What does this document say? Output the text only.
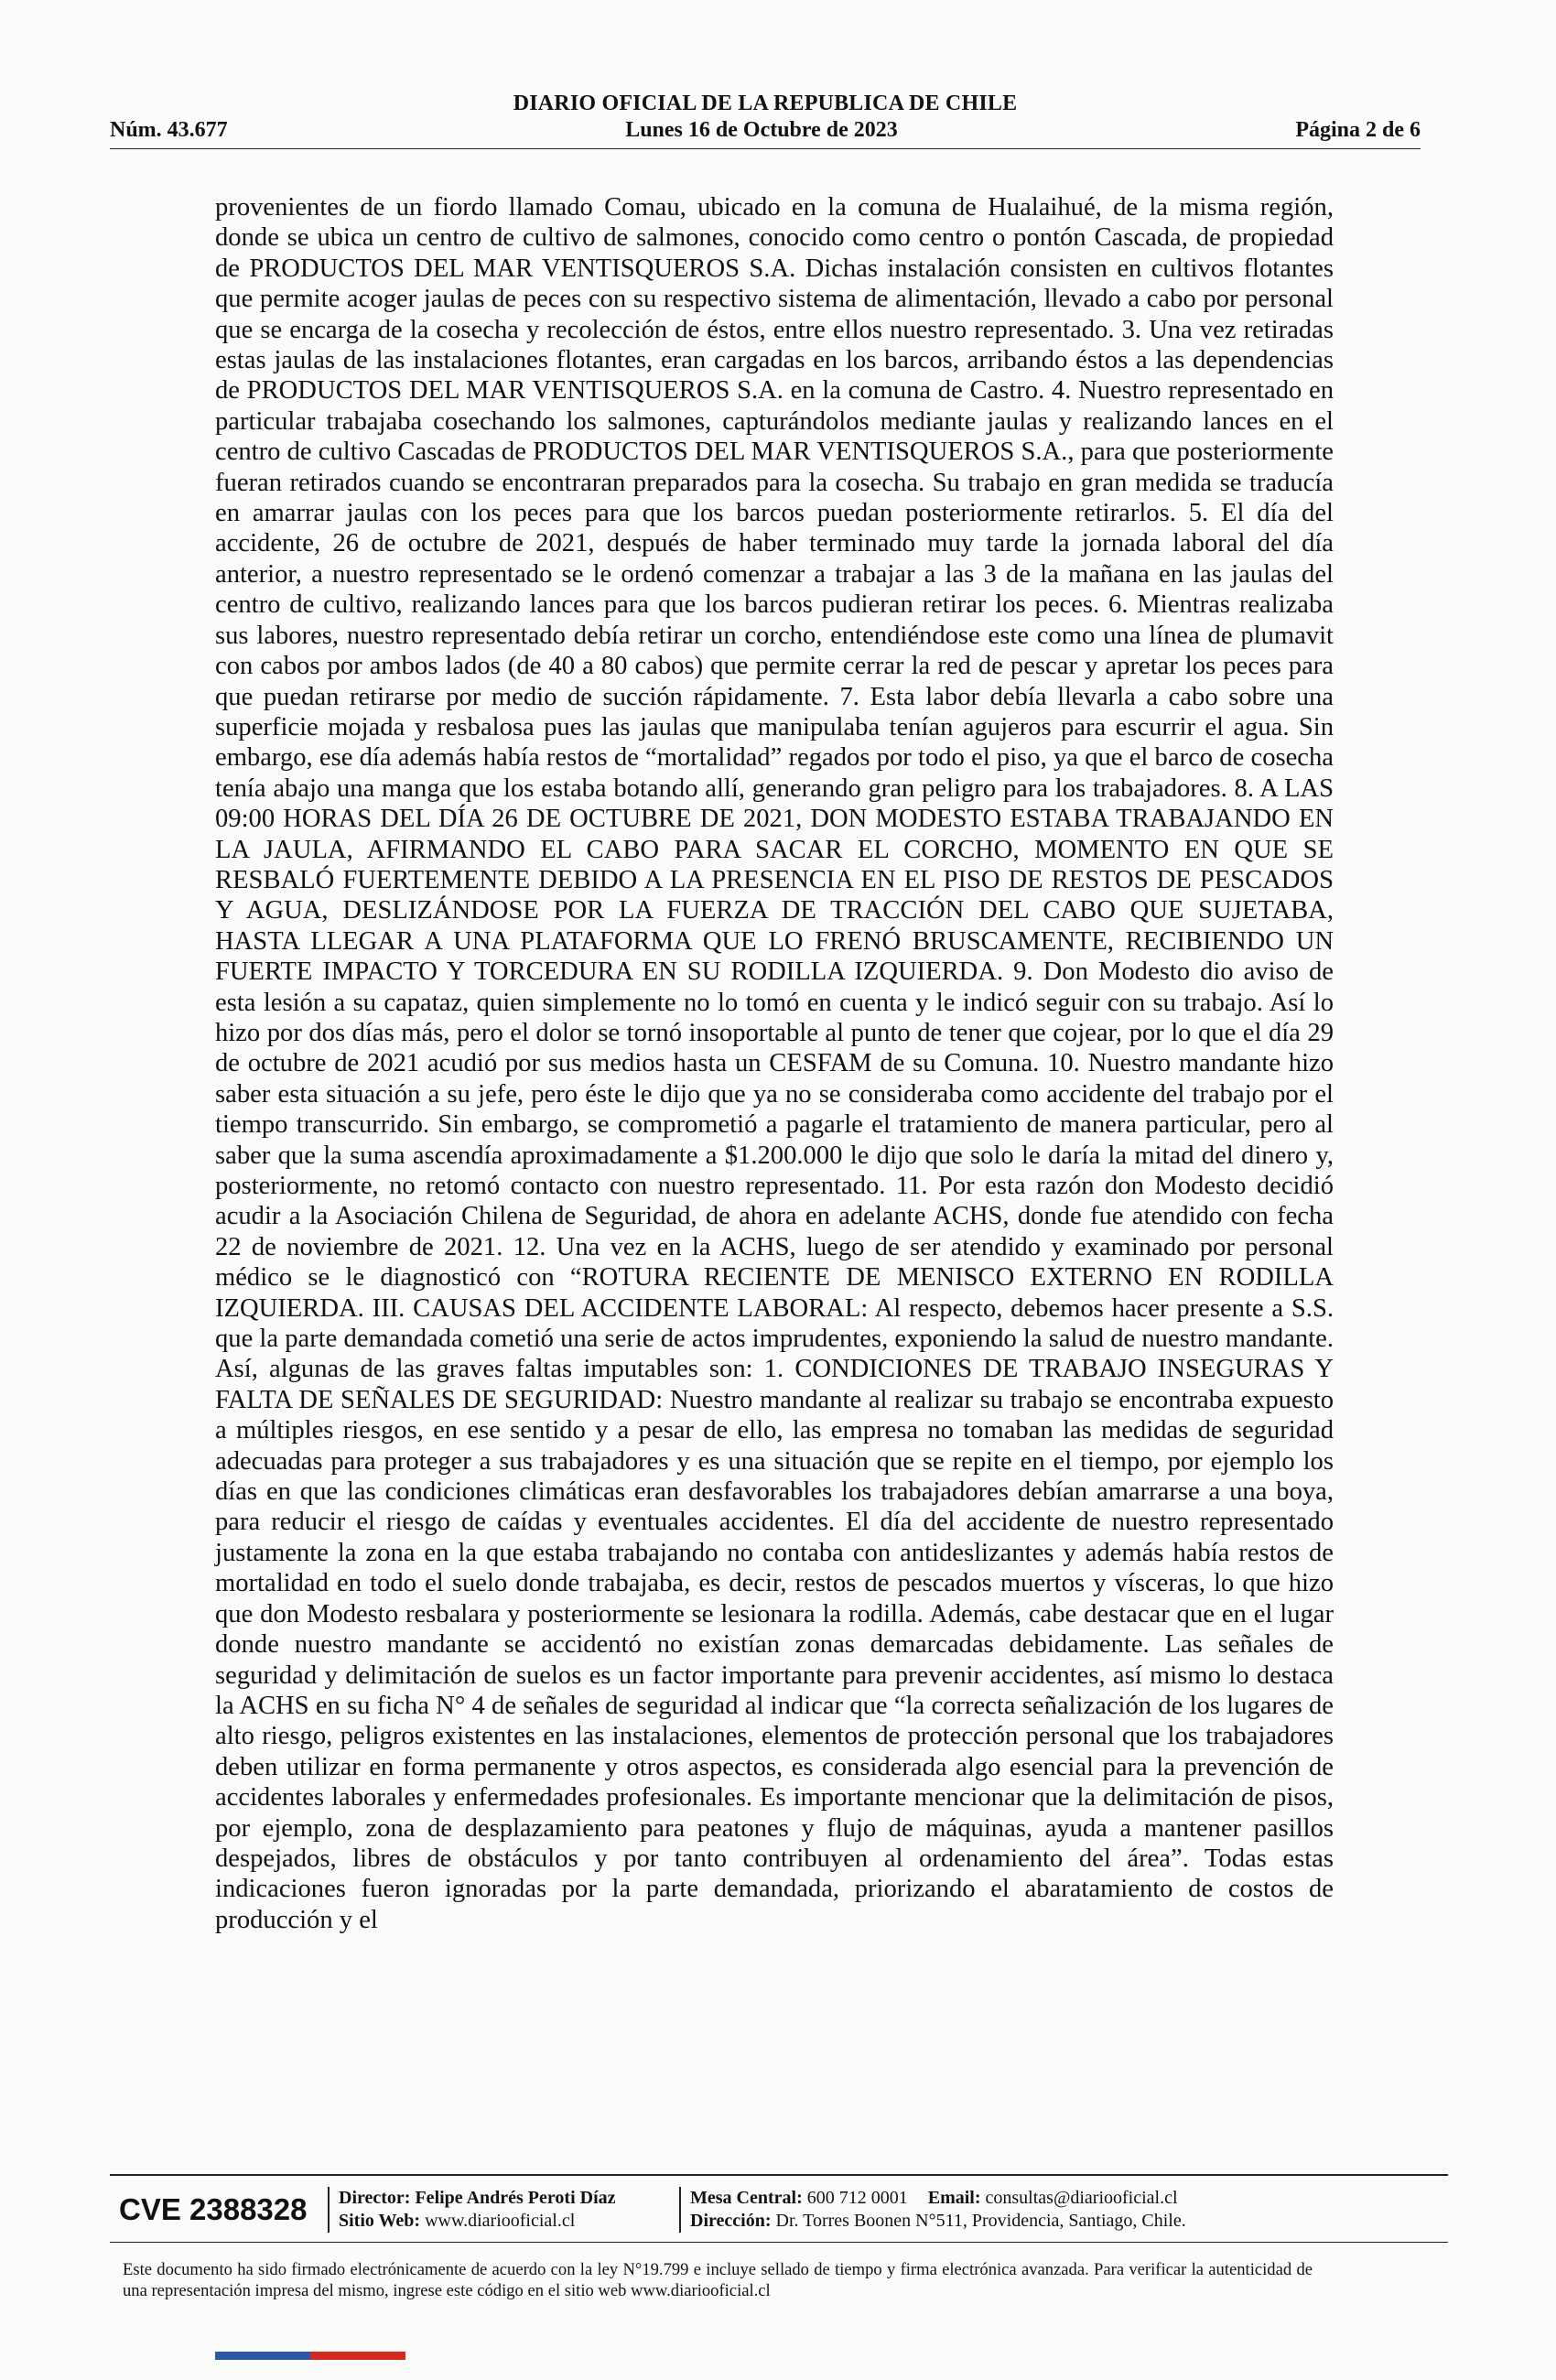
DIARIO OFICIAL DE LA REPUBLICA DE CHILE
Núm. 43.677	Lunes 16 de Octubre de 2023	Página 2 de 6

provenientes de un fiordo llamado Comau, ubicado en la comuna de Hualaihué, de la misma región, donde se ubica un centro de cultivo de salmones, conocido como centro o pontón Cascada, de propiedad de PRODUCTOS DEL MAR VENTISQUEROS S.A. Dichas instalación consisten en cultivos flotantes que permite acoger jaulas de peces con su respectivo sistema de alimentación, llevado a cabo por personal que se encarga de la cosecha y recolección de éstos, entre ellos nuestro representado. 3. Una vez retiradas estas jaulas de las instalaciones flotantes, eran cargadas en los barcos, arribando éstos a las dependencias de PRODUCTOS DEL MAR VENTISQUEROS S.A. en la comuna de Castro. 4. Nuestro representado en particular trabajaba cosechando los salmones, capturándolos mediante jaulas y realizando lances en el centro de cultivo Cascadas de PRODUCTOS DEL MAR VENTISQUEROS S.A., para que posteriormente fueran retirados cuando se encontraran preparados para la cosecha. Su trabajo en gran medida se traducía en amarrar jaulas con los peces para que los barcos puedan posteriormente retirarlos. 5. El día del accidente, 26 de octubre de 2021, después de haber terminado muy tarde la jornada laboral del día anterior, a nuestro representado se le ordenó comenzar a trabajar a las 3 de la mañana en las jaulas del centro de cultivo, realizando lances para que los barcos pudieran retirar los peces. 6. Mientras realizaba sus labores, nuestro representado debía retirar un corcho, entendiéndose este como una línea de plumavit con cabos por ambos lados (de 40 a 80 cabos) que permite cerrar la red de pescar y apretar los peces para que puedan retirarse por medio de succión rápidamente. 7. Esta labor debía llevarla a cabo sobre una superficie mojada y resbalosa pues las jaulas que manipulaba tenían agujeros para escurrir el agua. Sin embargo, ese día además había restos de “mortalidad” regados por todo el piso, ya que el barco de cosecha tenía abajo una manga que los estaba botando allí, generando gran peligro para los trabajadores. 8. A LAS 09:00 HORAS DEL DÍA 26 DE OCTUBRE DE 2021, DON MODESTO ESTABA TRABAJANDO EN LA JAULA, AFIRMANDO EL CABO PARA SACAR EL CORCHO, MOMENTO EN QUE SE RESBALÓ FUERTEMENTE DEBIDO A LA PRESENCIA EN EL PISO DE RESTOS DE PESCADOS Y AGUA, DESLIZÁNDOSE POR LA FUERZA DE TRACCIÓN DEL CABO QUE SUJETABA, HASTA LLEGAR A UNA PLATAFORMA QUE LO FRENÓ BRUSCAMENTE, RECIBIENDO UN FUERTE IMPACTO Y TORCEDURA EN SU RODILLA IZQUIERDA. 9. Don Modesto dio aviso de esta lesión a su capataz, quien simplemente no lo tomó en cuenta y le indicó seguir con su trabajo. Así lo hizo por dos días más, pero el dolor se tornó insoportable al punto de tener que cojear, por lo que el día 29 de octubre de 2021 acudió por sus medios hasta un CESFAM de su Comuna. 10. Nuestro mandante hizo saber esta situación a su jefe, pero éste le dijo que ya no se consideraba como accidente del trabajo por el tiempo transcurrido. Sin embargo, se comprometió a pagarle el tratamiento de manera particular, pero al saber que la suma ascendía aproximadamente a $1.200.000 le dijo que solo le daría la mitad del dinero y, posteriormente, no retomó contacto con nuestro representado. 11. Por esta razón don Modesto decidió acudir a la Asociación Chilena de Seguridad, de ahora en adelante ACHS, donde fue atendido con fecha 22 de noviembre de 2021. 12. Una vez en la ACHS, luego de ser atendido y examinado por personal médico se le diagnosticó con “ROTURA RECIENTE DE MENISCO EXTERNO EN RODILLA IZQUIERDA. III. CAUSAS DEL ACCIDENTE LABORAL: Al respecto, debemos hacer presente a S.S. que la parte demandada cometió una serie de actos imprudentes, exponiendo la salud de nuestro mandante. Así, algunas de las graves faltas imputables son: 1. CONDICIONES DE TRABAJO INSEGURAS Y FALTA DE SEÑALES DE SEGURIDAD: Nuestro mandante al realizar su trabajo se encontraba expuesto a múltiples riesgos, en ese sentido y a pesar de ello, las empresa no tomaban las medidas de seguridad adecuadas para proteger a sus trabajadores y es una situación que se repite en el tiempo, por ejemplo los días en que las condiciones climáticas eran desfavorables los trabajadores debían amarrarse a una boya, para reducir el riesgo de caídas y eventuales accidentes. El día del accidente de nuestro representado justamente la zona en la que estaba trabajando no contaba con antideslizantes y además había restos de mortalidad en todo el suelo donde trabajaba, es decir, restos de pescados muertos y vísceras, lo que hizo que don Modesto resbalara y posteriormente se lesionara la rodilla. Además, cabe destacar que en el lugar donde nuestro mandante se accidentó no existían zonas demarcadas debidamente. Las señales de seguridad y delimitación de suelos es un factor importante para prevenir accidentes, así mismo lo destaca la ACHS en su ficha N° 4 de señales de seguridad al indicar que “la correcta señalización de los lugares de alto riesgo, peligros existentes en las instalaciones, elementos de protección personal que los trabajadores deben utilizar en forma permanente y otros aspectos, es considerada algo esencial para la prevención de accidentes laborales y enfermedades profesionales. Es importante mencionar que la delimitación de pisos, por ejemplo, zona de desplazamiento para peatones y flujo de máquinas, ayuda a mantener pasillos despejados, libres de obstáculos y por tanto contribuyen al ordenamiento del área”. Todas estas indicaciones fueron ignoradas por la parte demandada, priorizando el abaratamiento de costos de producción y el

CVE 2388328	Director: Felipe Andrés Peroti Díaz
Sitio Web: www.diariooficial.cl
Mesa Central: 600 712 0001 Email: consultas@diariooficial.cl
Dirección: Dr. Torres Boonen N°511, Providencia, Santiago, Chile.
Este documento ha sido firmado electrónicamente de acuerdo con la ley N°19.799 e incluye sellado de tiempo y firma electrónica avanzada. Para verificar la autenticidad de una representación impresa del mismo, ingrese este código en el sitio web www.diariooficial.cl
